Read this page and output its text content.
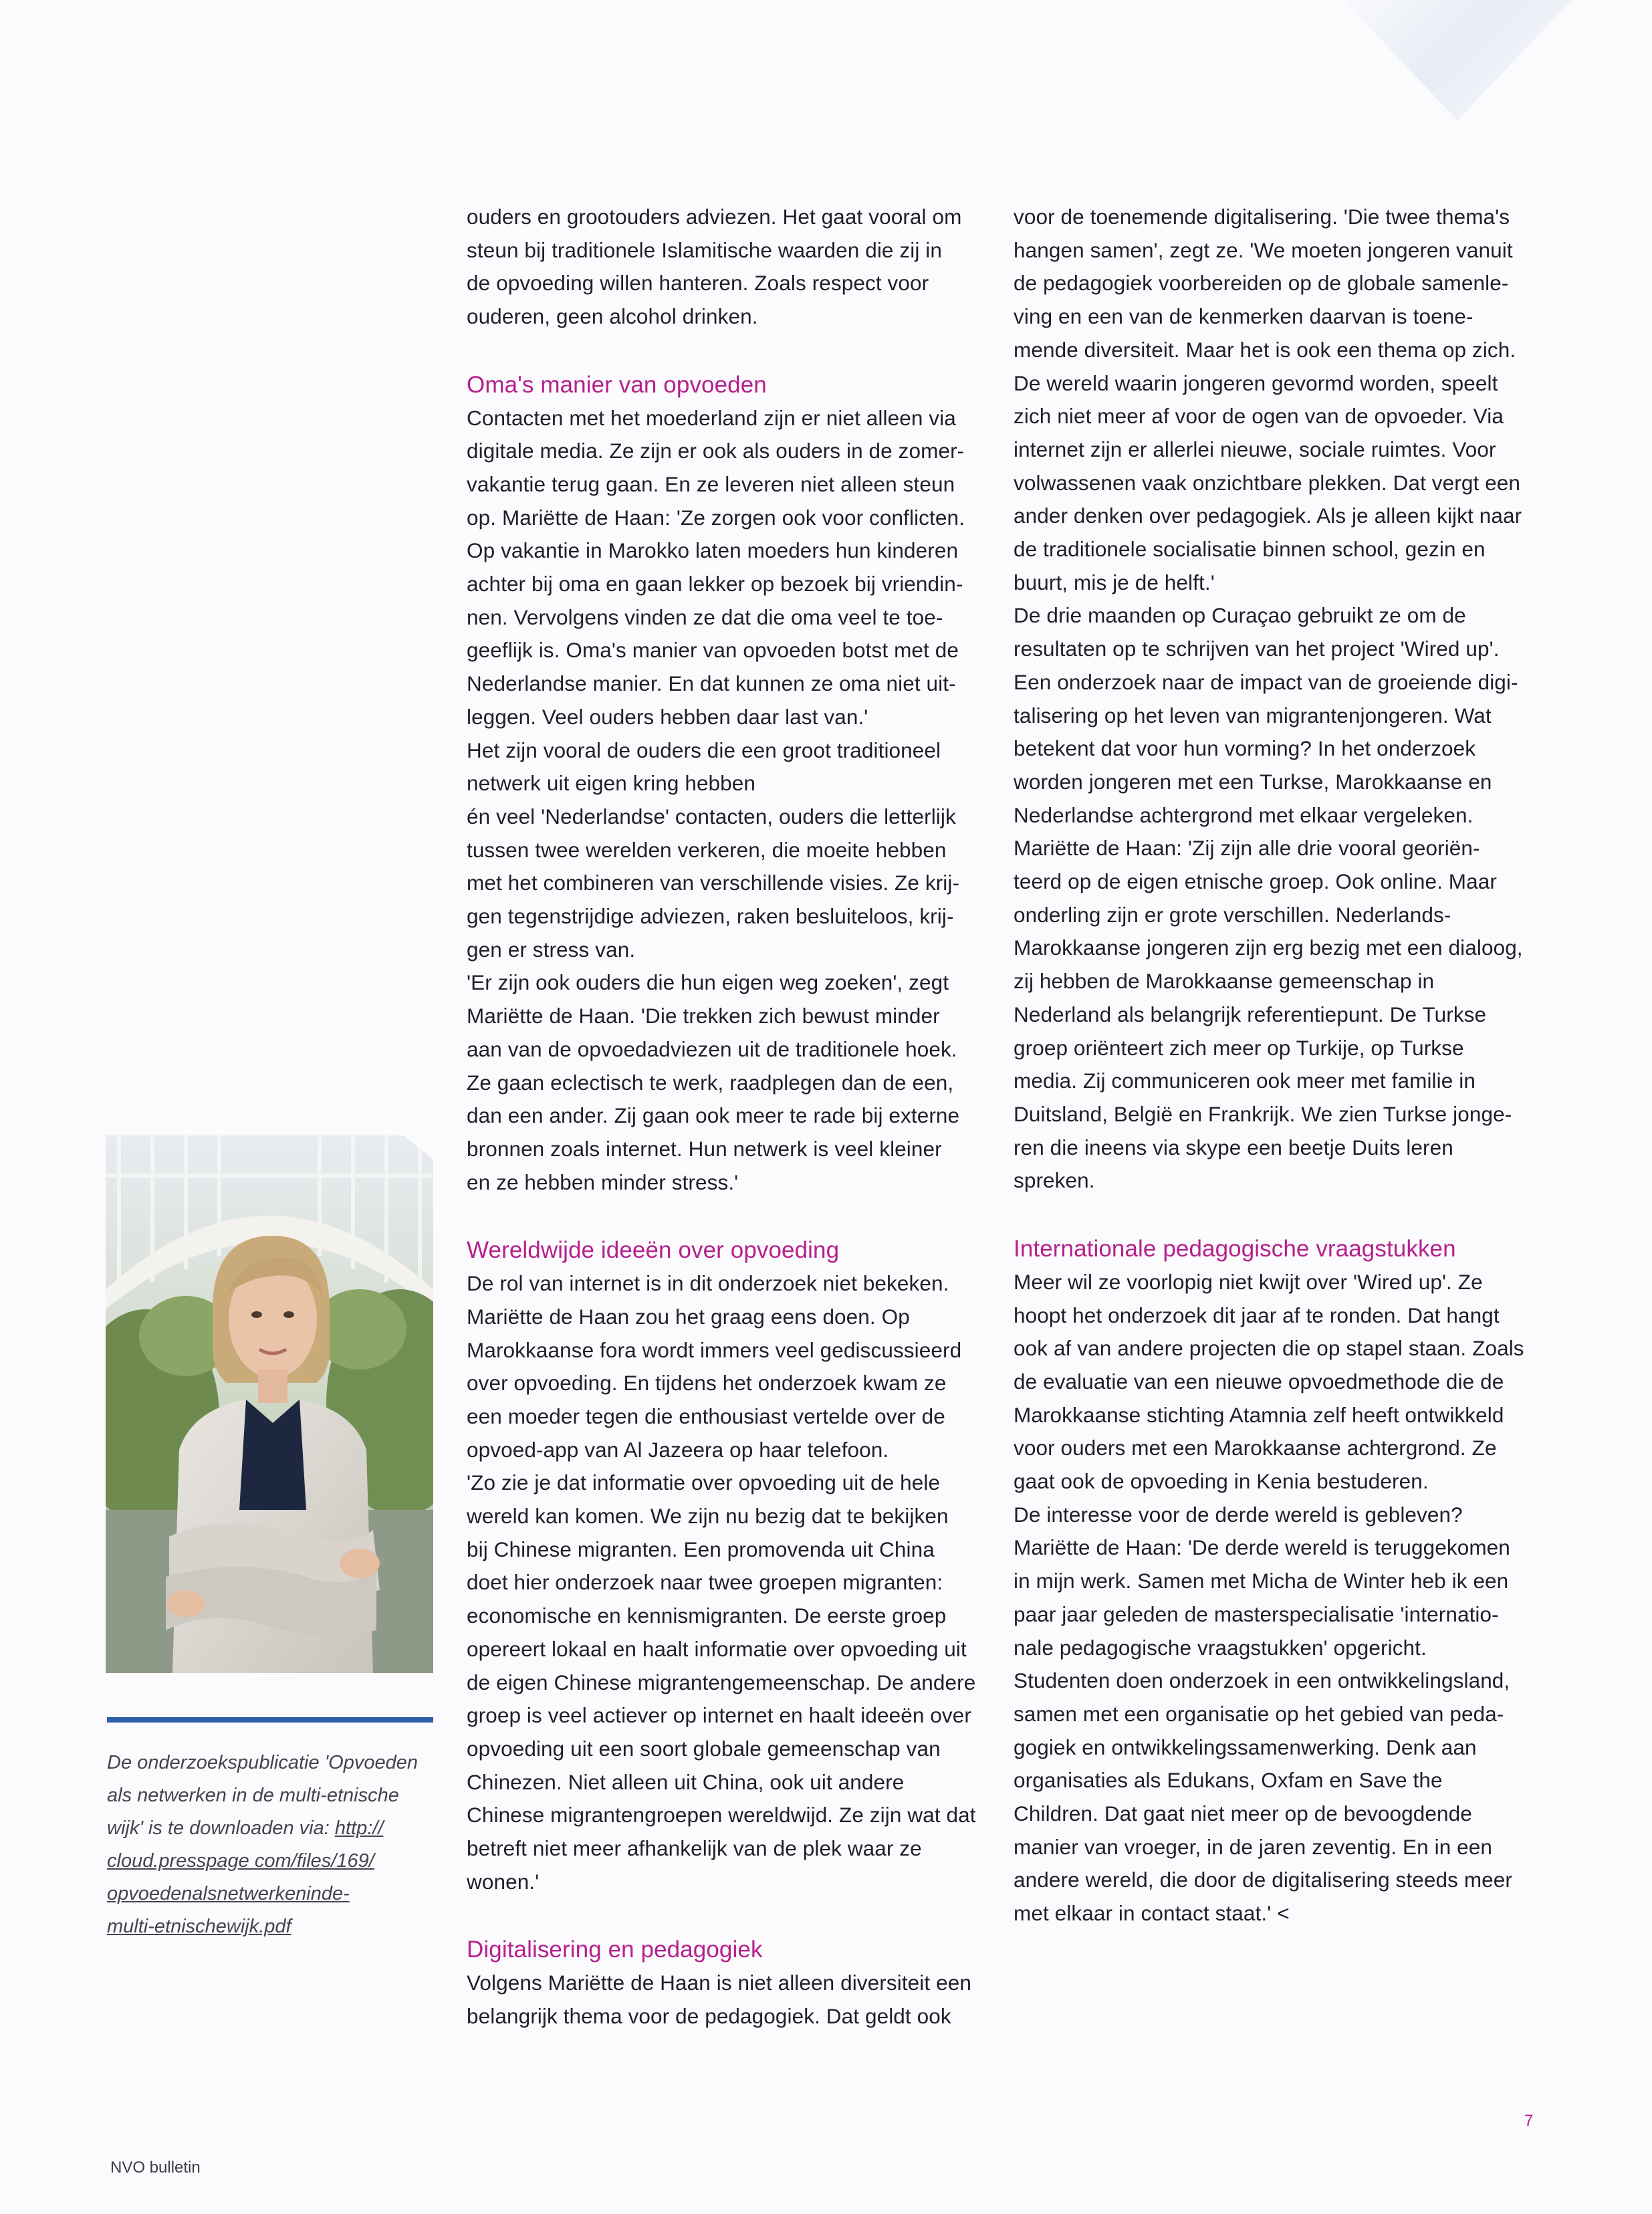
De onderzoekspublicatie 'Opvoeden
als netwerken in de multi-etnische
wijk' is te downloaden via: http://
cloud.presspage com/files/169/
opvoedenalsnetwerkeninde-
multi-etnischewijk.pdf

ouders en grootouders adviezen. Het gaat vooral om
steun bij traditionele Islamitische waarden die zij in
de opvoeding willen hanteren. Zoals respect voor
ouderen, geen alcohol drinken.

Oma's manier van opvoeden

Contacten met het moederland zijn er niet alleen via
digitale media. Ze zijn er ook als ouders in de zomer-
vakantie terug gaan. En ze leveren niet alleen steun
op. Mariëtte de Haan: 'Ze zorgen ook voor conflicten.
Op vakantie in Marokko laten moeders hun kinderen
achter bij oma en gaan lekker op bezoek bij vriendin-
nen. Vervolgens vinden ze dat die oma veel te toe-
geeflijk is. Oma's manier van opvoeden botst met de
Nederlandse manier. En dat kunnen ze oma niet uit-
leggen. Veel ouders hebben daar last van.'

Het zijn vooral de ouders die een groot traditioneel
netwerk uit eigen kring hebben
én veel 'Nederlandse' contacten, ouders die letterlijk
tussen twee werelden verkeren, die moeite hebben
met het combineren van verschillende visies. Ze krij-
gen tegenstrijdige adviezen, raken besluiteloos, krij-
gen er stress van.

'Er zijn ook ouders die hun eigen weg zoeken', zegt
Mariëtte de Haan. 'Die trekken zich bewust minder
aan van de opvoedadviezen uit de traditionele hoek.
Ze gaan eclectisch te werk, raadplegen dan de een,
dan een ander. Zij gaan ook meer te rade bij externe
bronnen zoals internet. Hun netwerk is veel kleiner
en ze hebben minder stress.'

Wereldwijde ideeën over opvoeding

De rol van internet is in dit onderzoek niet bekeken.
Mariëtte de Haan zou het graag eens doen. Op
Marokkaanse fora wordt immers veel gediscussieerd
over opvoeding. En tijdens het onderzoek kwam ze
een moeder tegen die enthousiast vertelde over de
opvoed-app van Al Jazeera op haar telefoon.

'Zo zie je dat informatie over opvoeding uit de hele
wereld kan komen. We zijn nu bezig dat te bekijken
bij Chinese migranten. Een promovenda uit China
doet hier onderzoek naar twee groepen migranten:
economische en kennismigranten. De eerste groep
opereert lokaal en haalt informatie over opvoeding uit
de eigen Chinese migrantengemeenschap. De andere
groep is veel actiever op internet en haalt ideeën over
opvoeding uit een soort globale gemeenschap van
Chinezen. Niet alleen uit China, ook uit andere
Chinese migrantengroepen wereldwijd. Ze zijn wat dat
betreft niet meer afhankelijk van de plek waar ze
wonen.'

Digitalisering en pedagogiek

Volgens Mariëtte de Haan is niet alleen diversiteit een
belangrijk thema voor de pedagogiek. Dat geldt ook

voor de toenemende digitalisering. 'Die twee thema's
hangen samen', zegt ze. 'We moeten jongeren vanuit
de pedagogiek voorbereiden op de globale samenle-
ving en een van de kenmerken daarvan is toene-
mende diversiteit. Maar het is ook een thema op zich.
De wereld waarin jongeren gevormd worden, speelt
zich niet meer af voor de ogen van de opvoeder. Via
internet zijn er allerlei nieuwe, sociale ruimtes. Voor
volwassenen vaak onzichtbare plekken. Dat vergt een
ander denken over pedagogiek. Als je alleen kijkt naar
de traditionele socialisatie binnen school, gezin en
buurt, mis je de helft.'

De drie maanden op Curaçao gebruikt ze om de
resultaten op te schrijven van het project 'Wired up'.
Een onderzoek naar de impact van de groeiende digi-
talisering op het leven van migrantenjongeren. Wat
betekent dat voor hun vorming? In het onderzoek
worden jongeren met een Turkse, Marokkaanse en
Nederlandse achtergrond met elkaar vergeleken.
Mariëtte de Haan: 'Zij zijn alle drie vooral georiën-
teerd op de eigen etnische groep. Ook online. Maar
onderling zijn er grote verschillen. Nederlands-
Marokkaanse jongeren zijn erg bezig met een dialoog,
zij hebben de Marokkaanse gemeenschap in
Nederland als belangrijk referentiepunt. De Turkse
groep oriënteert zich meer op Turkije, op Turkse
media. Zij communiceren ook meer met familie in
Duitsland, België en Frankrijk. We zien Turkse jonge-
ren die ineens via skype een beetje Duits leren
spreken.

Internationale pedagogische vraagstukken

Meer wil ze voorlopig niet kwijt over 'Wired up'. Ze
hoopt het onderzoek dit jaar af te ronden. Dat hangt
ook af van andere projecten die op stapel staan. Zoals
de evaluatie van een nieuwe opvoedmethode die de
Marokkaanse stichting Atamnia zelf heeft ontwikkeld
voor ouders met een Marokkaanse achtergrond. Ze
gaat ook de opvoeding in Kenia bestuderen.

De interesse voor de derde wereld is gebleven?
Mariëtte de Haan: 'De derde wereld is teruggekomen
in mijn werk. Samen met Micha de Winter heb ik een
paar jaar geleden de masterspecialisatie 'internatio-
nale pedagogische vraagstukken' opgericht.
Studenten doen onderzoek in een ontwikkelingsland,
samen met een organisatie op het gebied van peda-
gogiek en ontwikkelingssamenwerking. Denk aan
organisaties als Edukans, Oxfam en Save the
Children. Dat gaat niet meer op de bevoogdende
manier van vroeger, in de jaren zeventig. En in een
andere wereld, die door de digitalisering steeds meer
met elkaar in contact staat.' <

NVO bulletin
7
